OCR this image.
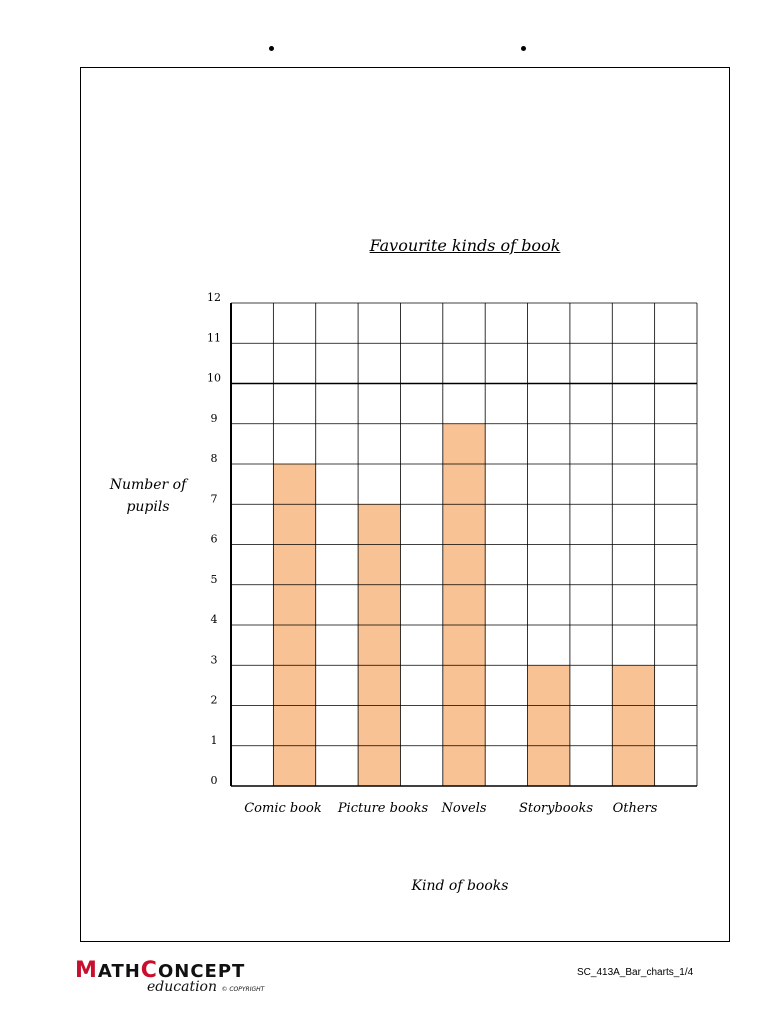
Favourite kinds of book
0
1
2
3
4
5
6
7
8
9
10
11
12
Comic book Picture books Novels Storybooks Others
Number of pupils
Kind of books
MATHCONCEPT
education © COPYRIGHT
SC_413A_Bar_charts_1/4
